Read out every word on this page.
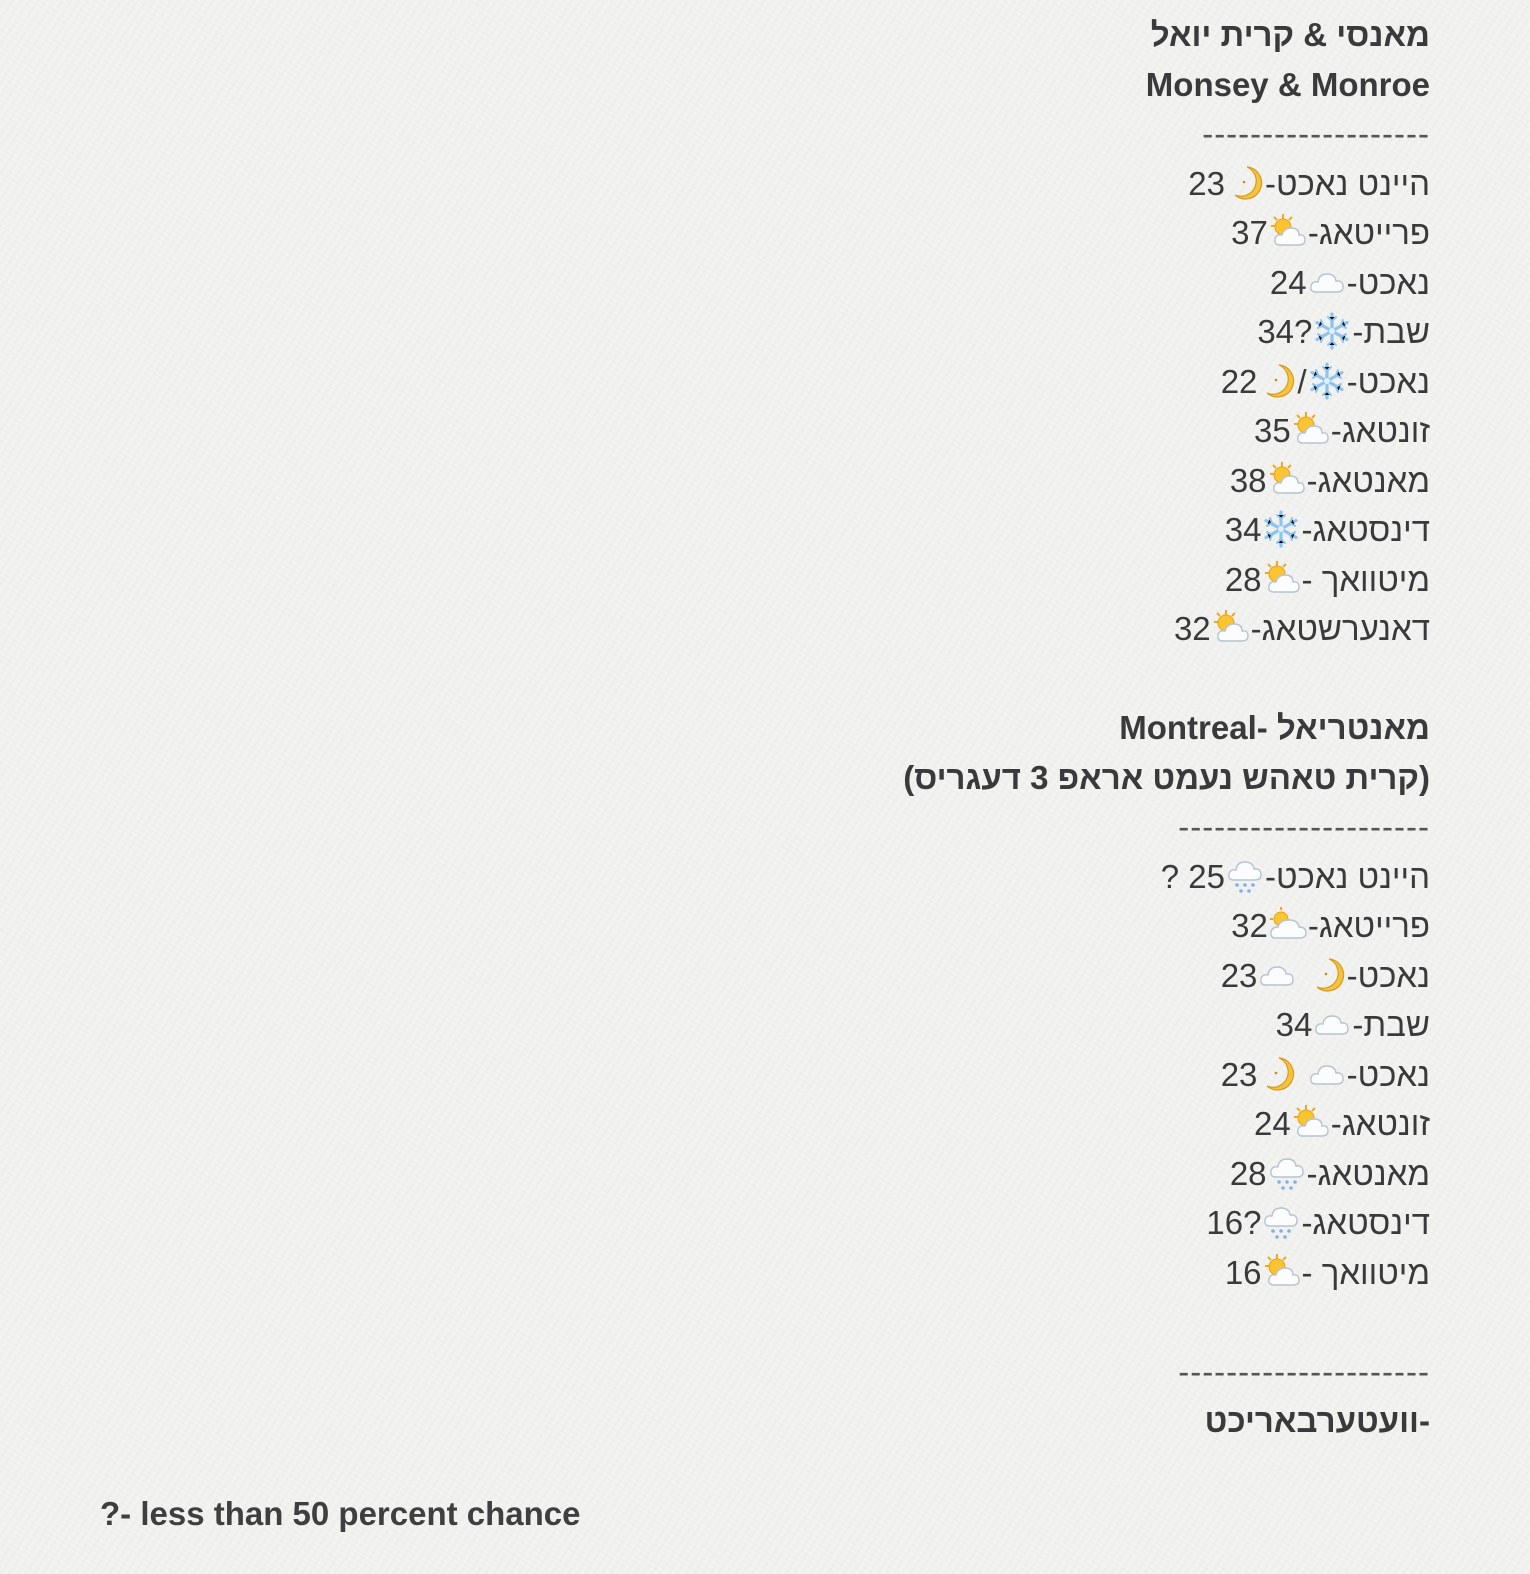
מאנסי & קרית יואל
Monsey & Monroe
-------------------
היינט נאכט-23
פרייטאג-37
נאכט-24
שבת-34?
נאכט-/22
זונטאג-35
מאנטאג-38
דינסטאג-34
מיטוואך -28
דאנערשטאג-32
מאנטריאל -Montreal
(קרית טאהש נעמט אראפ 3 דעגריס)
---------------------
היינט נאכט-? 25
פרייטאג-32
נאכט- 23
שבת-34
נאכט- 23
זונטאג-24
מאנטאג-28
דינסטאג-16?
מיטוואך -16
---------------------
-וועטערבאריכט
?- less than 50 percent chance
